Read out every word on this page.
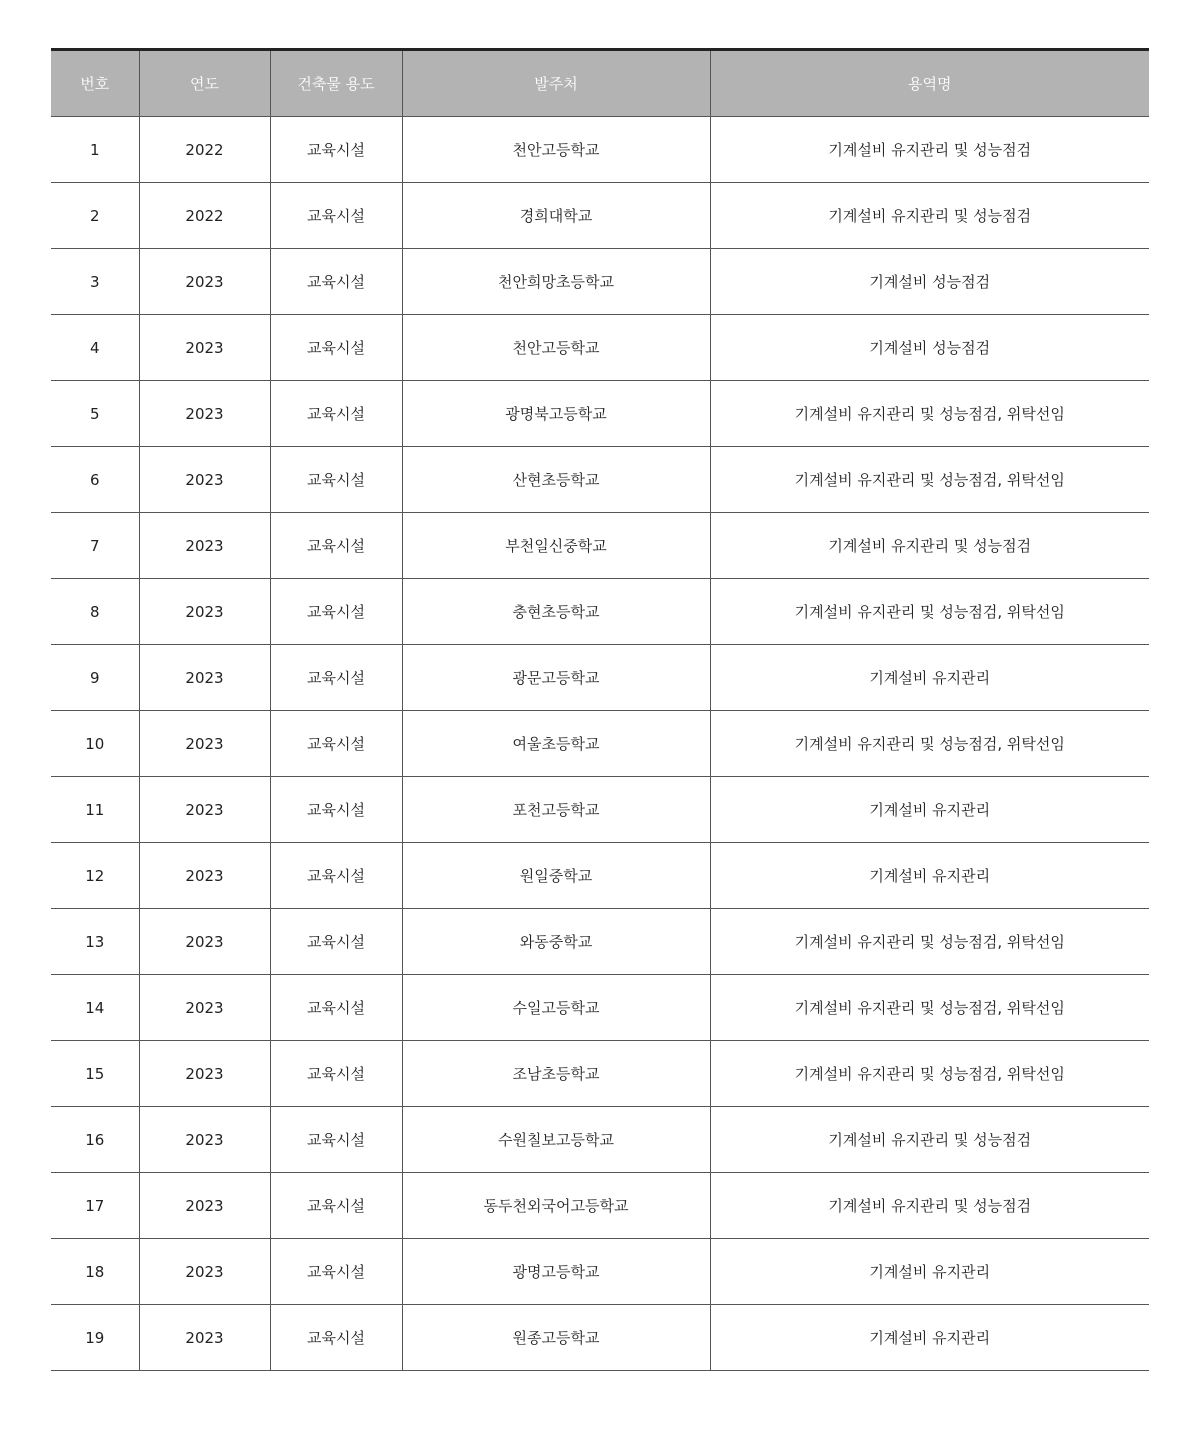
번호	연도	건축물 용도	발주처	용역명
1	2022	교육시설	천안고등학교	기계설비 유지관리 및 성능점검
2	2022	교육시설	경희대학교	기계설비 유지관리 및 성능점검
3	2023	교육시설	천안희망초등학교	기계설비 성능점검
4	2023	교육시설	천안고등학교	기계설비 성능점검
5	2023	교육시설	광명북고등학교	기계설비 유지관리 및 성능점검, 위탁선임
6	2023	교육시설	산현초등학교	기계설비 유지관리 및 성능점검, 위탁선임
7	2023	교육시설	부천일신중학교	기계설비 유지관리 및 성능점검
8	2023	교육시설	충현초등학교	기계설비 유지관리 및 성능점검, 위탁선임
9	2023	교육시설	광문고등학교	기계설비 유지관리
10	2023	교육시설	여울초등학교	기계설비 유지관리 및 성능점검, 위탁선임
11	2023	교육시설	포천고등학교	기계설비 유지관리
12	2023	교육시설	원일중학교	기계설비 유지관리
13	2023	교육시설	와동중학교	기계설비 유지관리 및 성능점검, 위탁선임
14	2023	교육시설	수일고등학교	기계설비 유지관리 및 성능점검, 위탁선임
15	2023	교육시설	조남초등학교	기계설비 유지관리 및 성능점검, 위탁선임
16	2023	교육시설	수원칠보고등학교	기계설비 유지관리 및 성능점검
17	2023	교육시설	동두천외국어고등학교	기계설비 유지관리 및 성능점검
18	2023	교육시설	광명고등학교	기계설비 유지관리
19	2023	교육시설	원종고등학교	기계설비 유지관리
